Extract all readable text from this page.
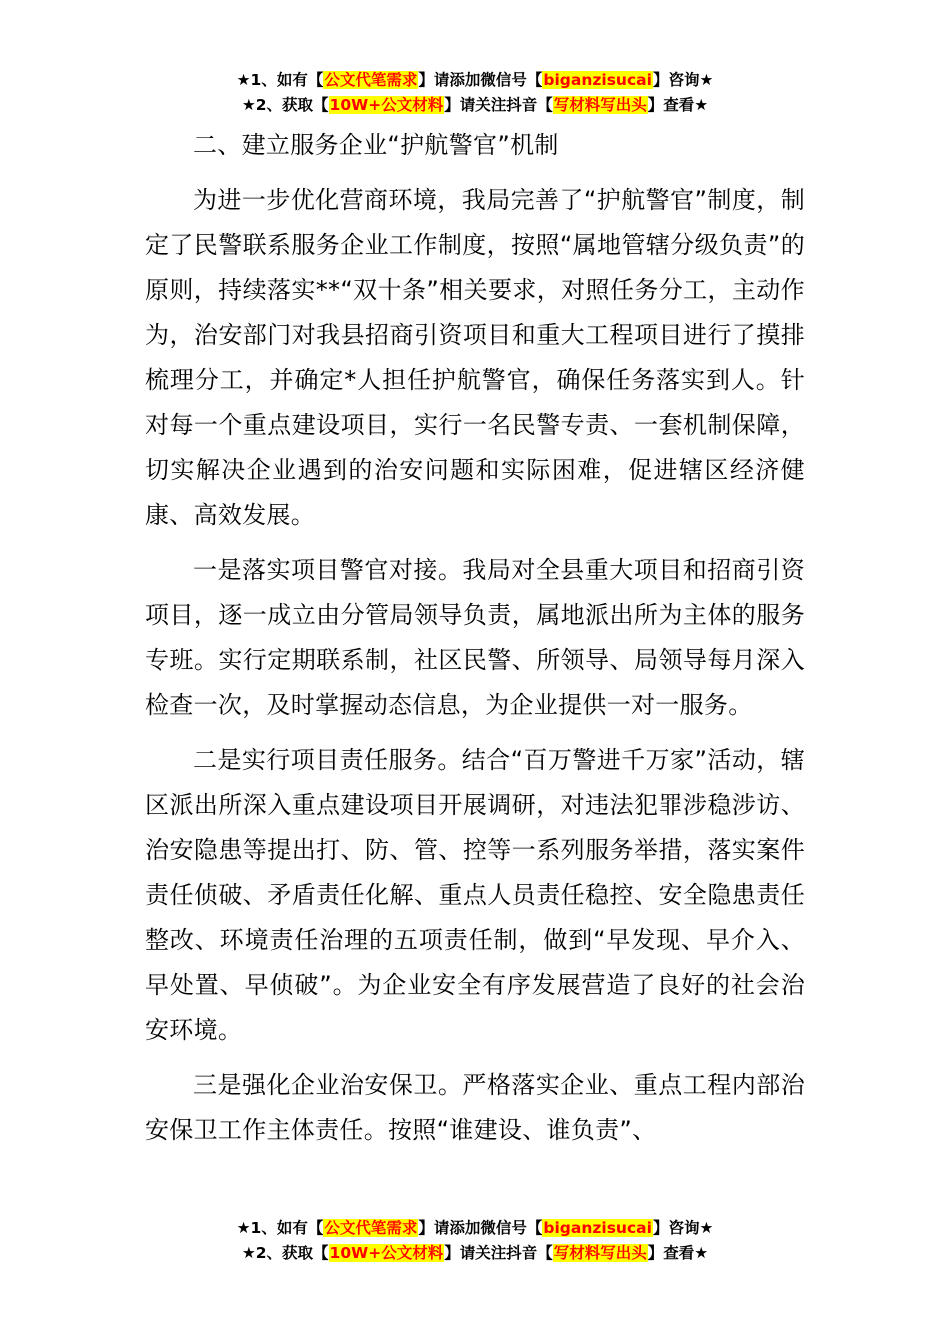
★1、如有【公文代笔需求】请添加微信号【biganzisucai】咨询★
★2、获取【10W+公文材料】请关注抖音【写材料写出头】查看★
二、建立服务企业“护航警官”机制

为进一步优化营商环境，我局完善了“护航警官”制度，制定了民警联系服务企业工作制度，按照“属地管辖分级负责”的原则，持续落实**“双十条”相关要求，对照任务分工，主动作为，治安部门对我县招商引资项目和重大工程项目进行了摸排梳理分工，并确定*人担任护航警官，确保任务落实到人。针对每一个重点建设项目，实行一名民警专责、一套机制保障，切实解决企业遇到的治安问题和实际困难，促进辖区经济健康、高效发展。

一是落实项目警官对接。我局对全县重大项目和招商引资项目，逐一成立由分管局领导负责，属地派出所为主体的服务专班。实行定期联系制，社区民警、所领导、局领导每月深入检查一次，及时掌握动态信息，为企业提供一对一服务。

二是实行项目责任服务。结合“百万警进千万家”活动，辖区派出所深入重点建设项目开展调研，对违法犯罪涉稳涉访、治安隐患等提出打、防、管、控等一系列服务举措，落实案件责任侦破、矛盾责任化解、重点人员责任稳控、安全隐患责任整改、环境责任治理的五项责任制，做到“早发现、早介入、早处置、早侦破”。为企业安全有序发展营造了良好的社会治安环境。

三是强化企业治安保卫。严格落实企业、重点工程内部治安保卫工作主体责任。按照“谁建设、谁负责”、

★1、如有【公文代笔需求】请添加微信号【biganzisucai】咨询★
★2、获取【10W+公文材料】请关注抖音【写材料写出头】查看★
